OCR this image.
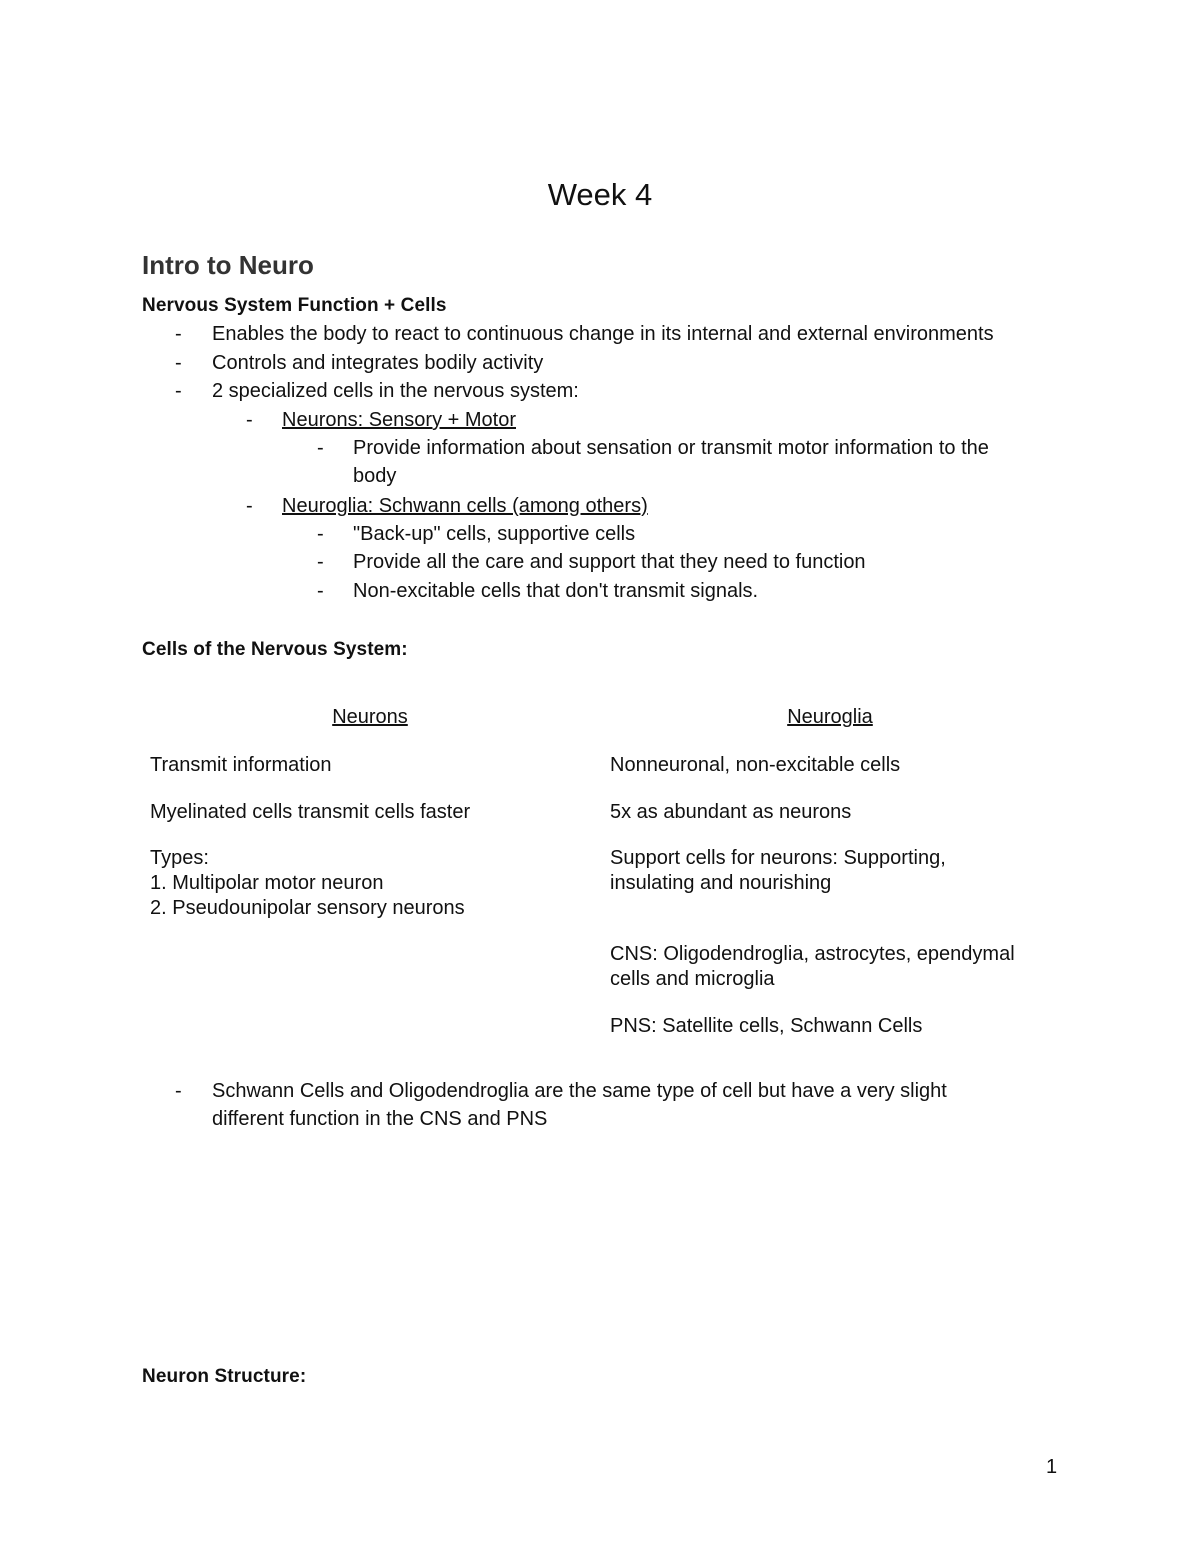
Week 4
Intro to Neuro
Nervous System Function + Cells
- Enables the body to react to continuous change in its internal and external environments
- Controls and integrates bodily activity
- 2 specialized cells in the nervous system:
- Neurons: Sensory + Motor
- Provide information about sensation or transmit motor information to the
body
- Neuroglia: Schwann cells (among others)
- "Back-up" cells, supportive cells
- Provide all the care and support that they need to function
- Non-excitable cells that don't transmit signals.
Cells of the Nervous System:
Neurons	Neuroglia
Transmit information
Myelinated cells transmit cells faster
Types:
1. Multipolar motor neuron
2. Pseudounipolar sensory neurons
Nonneuronal, non-excitable cells
5x as abundant as neurons
Support cells for neurons: Supporting,
insulating and nourishing
CNS: Oligodendroglia, astrocytes, ependymal
cells and microglia
PNS: Satellite cells, Schwann Cells
- Schwann Cells and Oligodendroglia are the same type of cell but have a very slight
different function in the CNS and PNS
Neuron Structure:
1
